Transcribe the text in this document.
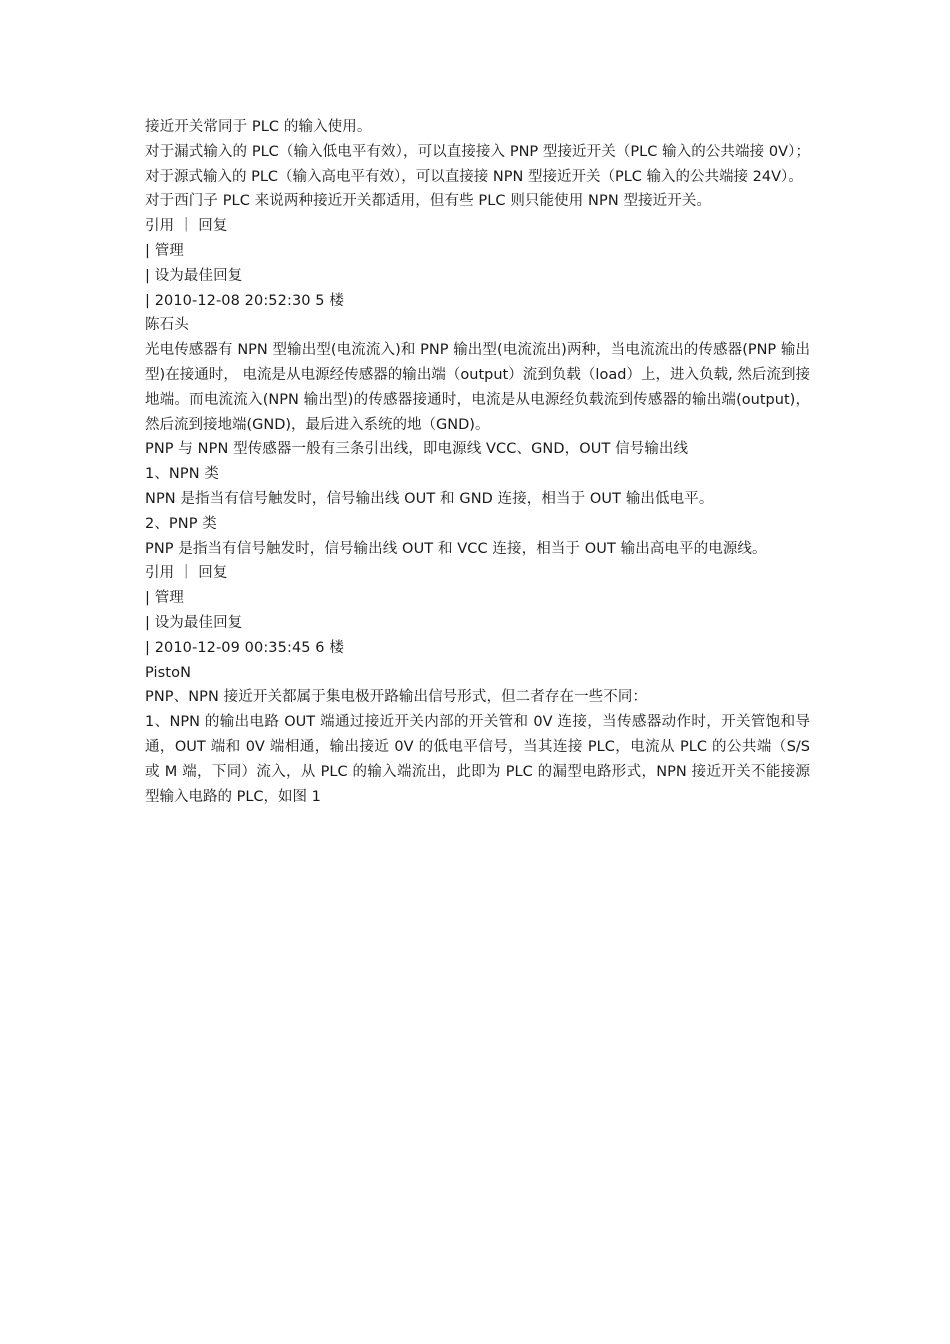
接近开关常同于 PLC 的输入使用。
对于漏式输入的 PLC（输入低电平有效），可以直接接入 PNP 型接近开关（PLC 输入的公共端接 0V）；对于源式输入的 PLC（输入高电平有效），可以直接接 NPN 型接近开关（PLC 输入的公共端接 24V）。
对于西门子 PLC 来说两种接近开关都适用，但有些 PLC 则只能使用 NPN 型接近开关。
引用 ｜ 回复
| 管理
| 设为最佳回复
| 2010-12-08 20:52:30 5 楼
陈石头
光电传感器有 NPN 型输出型(电流流入)和 PNP 输出型(电流流出)两种，当电流流出的传感器(PNP 输出型)在接通时， 电流是从电源经传感器的输出端（output）流到负载（load）上，进入负载, 然后流到接地端。而电流流入(NPN 输出型)的传感器接通时，电流是从电源经负载流到传感器的输出端(output)，然后流到接地端(GND)，最后进入系统的地（GND)。
PNP 与 NPN 型传感器一般有三条引出线，即电源线 VCC、GND，OUT 信号输出线
1、NPN 类
NPN 是指当有信号触发时，信号输出线 OUT 和 GND 连接，相当于 OUT 输出低电平。
2、PNP 类
PNP 是指当有信号触发时，信号输出线 OUT 和 VCC 连接，相当于 OUT 输出高电平的电源线。
引用 ｜ 回复
| 管理
| 设为最佳回复
| 2010-12-09 00:35:45 6 楼
PistoN
PNP、NPN 接近开关都属于集电极开路输出信号形式，但二者存在一些不同：
1、NPN 的输出电路 OUT 端通过接近开关内部的开关管和 0V 连接，当传感器动作时，开关管饱和导通，OUT 端和 0V 端相通，输出接近 0V 的低电平信号，当其连接 PLC，电流从 PLC 的公共端（S/S 或 M 端，下同）流入，从 PLC 的输入端流出，此即为 PLC 的漏型电路形式，NPN 接近开关不能接源型输入电路的 PLC，如图 1
